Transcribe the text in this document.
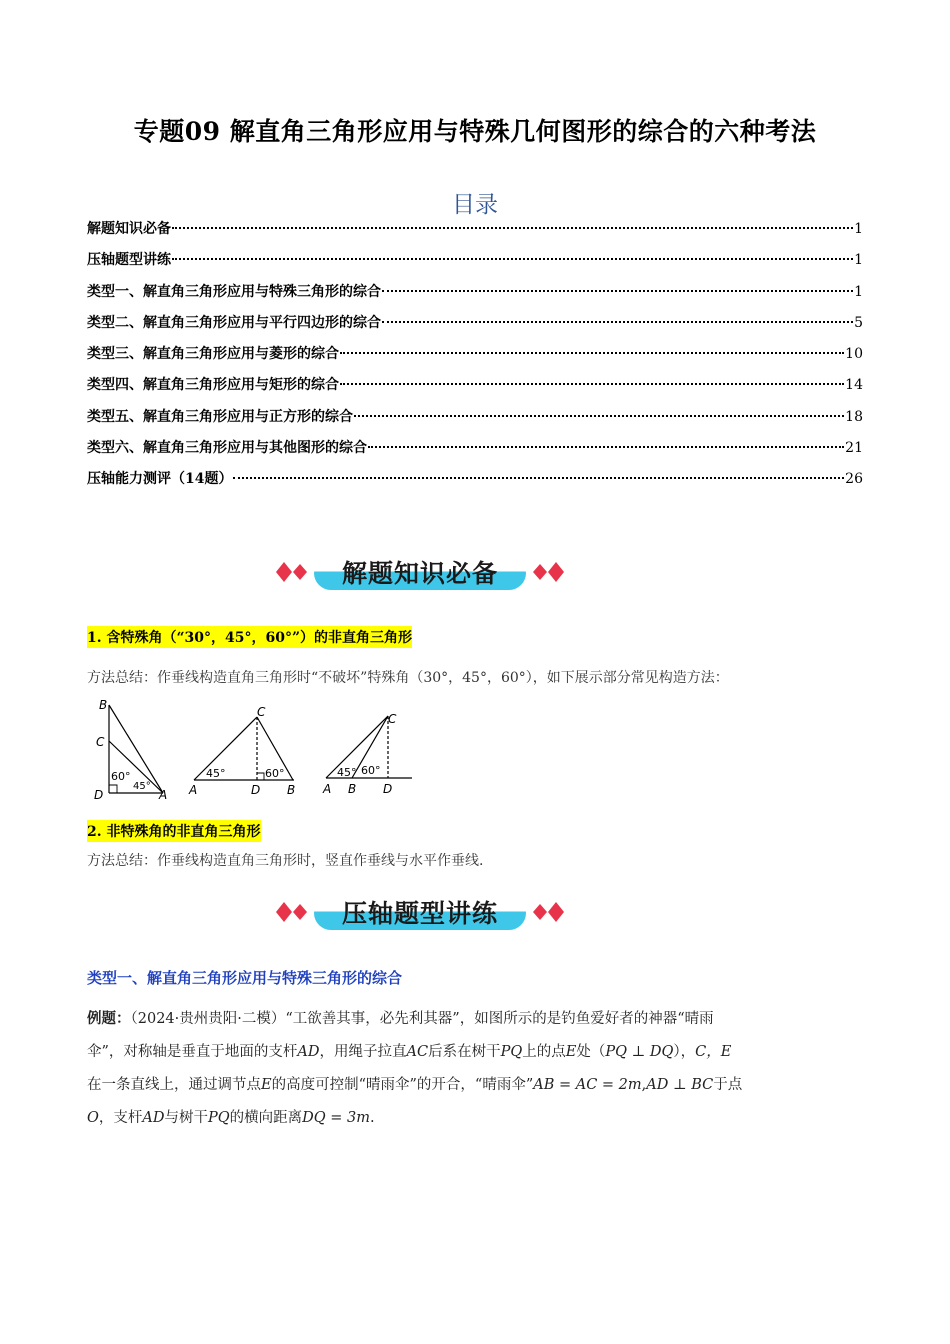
专题09 解直角三角形应用与特殊几何图形的综合的六种考法
目录
解题知识必备	1
压轴题型讲练	1
类型一、解直角三角形应用与特殊三角形的综合	1
类型二、解直角三角形应用与平行四边形的综合	5
类型三、解直角三角形应用与菱形的综合	10
类型四、解直角三角形应用与矩形的综合	14
类型五、解直角三角形应用与正方形的综合	18
类型六、解直角三角形应用与其他图形的综合	21
压轴能力测评（14题）	26
解题知识必备
1. 含特殊角（“30°，45°，60°”）的非直角三角形
方法总结：作垂线构造直角三角形时“不破坏”特殊角（30°，45°，60°），如下展示部分常见构造方法：
B
C
D	A
60°
45°
C
A	D B
45°	60°
C
A B D
45° 60°
2. 非特殊角的非直角三角形
方法总结：作垂线构造直角三角形时，竖直作垂线与水平作垂线.
压轴题型讲练
类型一、解直角三角形应用与特殊三角形的综合
例题：（2024·贵州贵阳·二模）“工欲善其事，必先利其器”，如图所示的是钓鱼爱好者的神器“晴雨
伞”，对称轴是垂直于地面的支杆AD，用绳子拉直AC后系在树干PQ上的点E处（PQ ⊥ DQ），C，E
在一条直线上，通过调节点E的高度可控制“晴雨伞”的开合，“晴雨伞”AB = AC = 2m,AD ⊥ BC于点
O，支杆AD与树干PQ的横向距离DQ = 3m.
